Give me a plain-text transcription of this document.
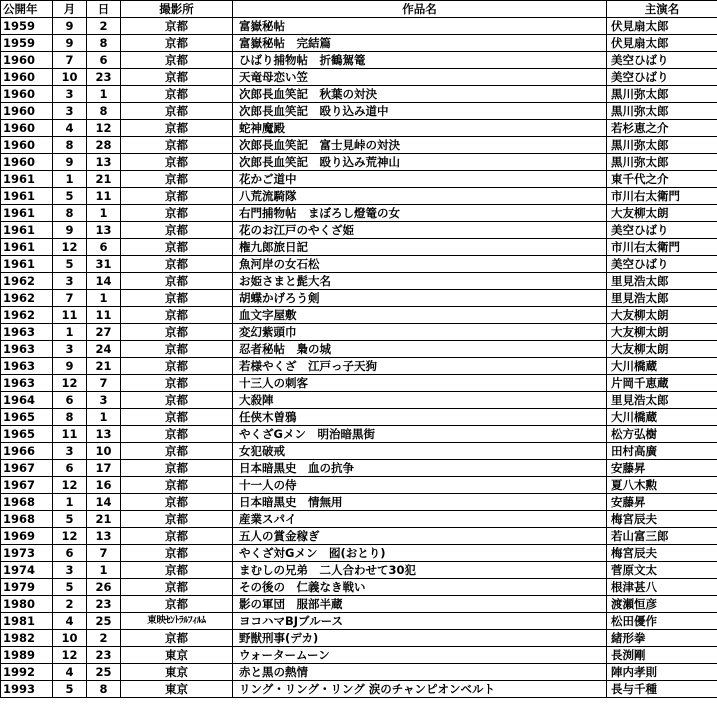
公開年	月	日	撮影所	作品名	主演名
1959	9	2	京都	富嶽秘帖	伏見扇太郎
1959	9	8	京都	富嶽秘帖　完結篇	伏見扇太郎
1960	7	6	京都	ひばり捕物帖　折鶴駕篭	美空ひばり
1960	10	23	京都	天竜母恋い笠	美空ひばり
1960	3	1	京都	次郎長血笑記　秋葉の対決	黒川弥太郎
1960	3	8	京都	次郎長血笑記　殴り込み道中	黒川弥太郎
1960	4	12	京都	蛇神魔殿	若杉恵之介
1960	8	28	京都	次郎長血笑記　富士見峠の対決	黒川弥太郎
1960	9	13	京都	次郎長血笑記　殴り込み荒神山	黒川弥太郎
1961	1	21	京都	花かご道中	東千代之介
1961	5	11	京都	八荒流騎隊	市川右太衛門
1961	8	1	京都	右門捕物帖　まぼろし燈篭の女	大友柳太朗
1961	9	13	京都	花のお江戸のやくざ姫	美空ひばり
1961	12	6	京都	権九郎旅日記	市川右太衛門
1961	5	31	京都	魚河岸の女石松	美空ひばり
1962	3	14	京都	お姫さまと髭大名	里見浩太郎
1962	7	1	京都	胡蝶かげろう剣	里見浩太郎
1962	11	11	京都	血文字屋敷	大友柳太朗
1963	1	27	京都	変幻紫頭巾	大友柳太朗
1963	3	24	京都	忍者秘帖　梟の城	大友柳太朗
1963	9	21	京都	若様やくざ　江戸っ子天狗	大川橋蔵
1963	12	7	京都	十三人の刺客	片岡千恵蔵
1964	6	3	京都	大殺陣	里見浩太郎
1965	8	1	京都	任侠木曽鴉	大川橋蔵
1965	11	13	京都	やくざGメン　明治暗黒街	松方弘樹
1966	3	10	京都	女犯破戒	田村高廣
1967	6	17	京都	日本暗黒史　血の抗争	安藤昇
1967	12	16	京都	十一人の侍	夏八木勲
1968	1	14	京都	日本暗黒史　情無用	安藤昇
1968	5	21	京都	産業スパイ	梅宮辰夫
1969	12	13	京都	五人の賞金稼ぎ	若山富三郎
1973	6	7	京都	やくざ対Gメン　囮(おとり)	梅宮辰夫
1974	3	1	京都	まむしの兄弟　二人合わせて30犯	菅原文太
1979	5	26	京都	その後の　仁義なき戦い	根津甚八
1980	2	23	京都	影の軍団　服部半蔵	渡瀬恒彦
1981	4	25	東映ｾﾝﾄﾗﾙﾌｨﾙﾑ	ヨコハマBJブルース	松田優作
1982	10	2	京都	野獣刑事(デカ)	緒形拳
1989	12	23	東京	ウォータームーン	長渕剛
1992	4	25	東京	赤と黒の熱情	陣内孝則
1993	5	8	東京	リング・リング・リング 涙のチャンピオンベルト	長与千種
